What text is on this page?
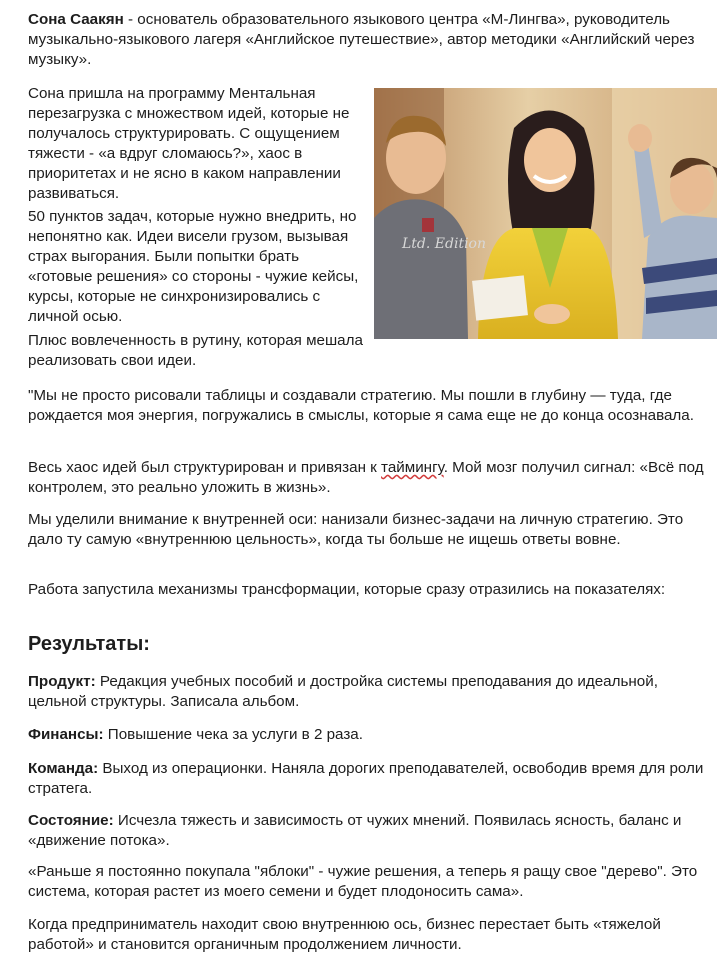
Сона Саакян - основатель образовательного языкового центра «М-Лингва», руководитель музыкально-языкового лагеря «Английское путешествие», автор методики «Английский через музыку».

Сона пришла на программу Ментальная перезагрузка с множеством идей, которые не получалось структурировать. С ощущением тяжести - «а вдруг сломаюсь?», хаос в приоритетах и не ясно в каком направлении развиваться.

50 пунктов задач, которые нужно внедрить, но непонятно как. Идеи висели грузом, вызывая страх выгорания. Были попытки брать «готовые решения» со стороны - чужие кейсы, курсы, которые не синхронизировались с личной осью.

Плюс вовлеченность в рутину, которая мешала реализовать свои идеи.

Ltd. Edition

"Мы не просто рисовали таблицы и создавали стратегию. Мы пошли в глубину — туда, где рождается моя энергия, погружались в смыслы, которые я сама еще не до конца осознавала.

Весь хаос идей был структурирован и привязан к таймингу. Мой мозг получил сигнал: «Всё под контролем, это реально уложить в жизнь».

Мы уделили внимание к внутренней оси: нанизали бизнес-задачи на личную стратегию. Это дало ту самую «внутреннюю цельность», когда ты больше не ищешь ответы вовне.

Работа запустила механизмы трансформации, которые сразу отразились на показателях:

Результаты:

Продукт: Редакция учебных пособий и достройка системы преподавания до идеальной, цельной структуры. Записала альбом.

Финансы: Повышение чека за услуги в 2 раза.

Команда: Выход из операционки. Наняла дорогих преподавателей, освободив время для роли стратега.

Состояние: Исчезла тяжесть и зависимость от чужих мнений. Появилась ясность, баланс и «движение потока».

«Раньше я постоянно покупала "яблоки" - чужие решения, а теперь я ращу свое "дерево". Это система, которая растет из моего семени и будет плодоносить сама».

Когда предприниматель находит свою внутреннюю ось, бизнес перестает быть «тяжелой работой» и становится органичным продолжением личности.
